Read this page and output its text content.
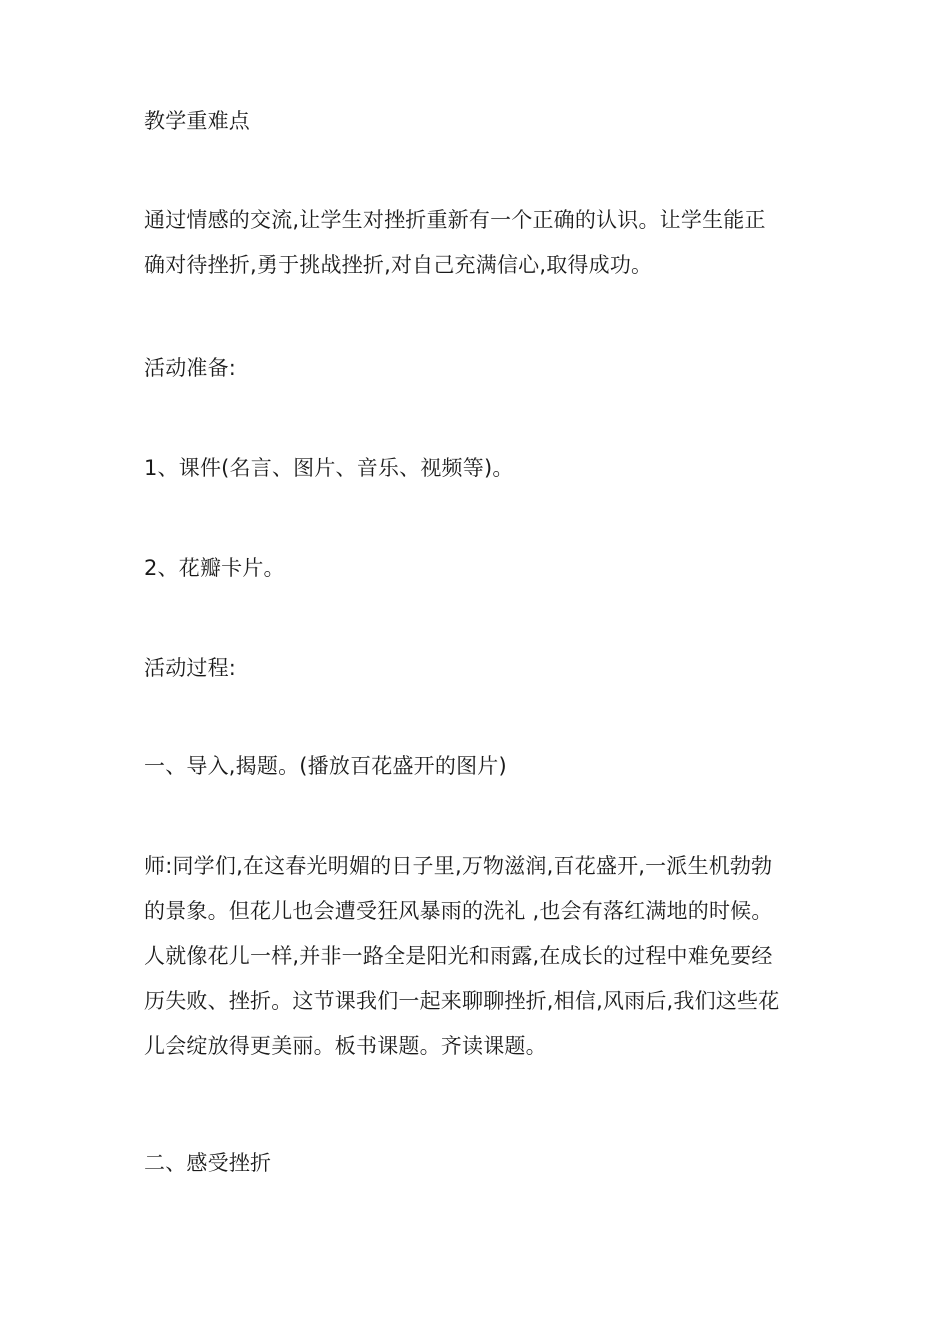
教学重难点

通过情感的交流,让学生对挫折重新有一个正确的认识。让学生能正
确对待挫折,勇于挑战挫折,对自己充满信心,取得成功。

活动准备:

1、课件(名言、图片、音乐、视频等)。

2、花瓣卡片。

活动过程:

一、导入,揭题。(播放百花盛开的图片)

师:同学们,在这春光明媚的日子里,万物滋润,百花盛开,一派生机勃勃
的景象。但花儿也会遭受狂风暴雨的洗礼 ,也会有落红满地的时候。
人就像花儿一样,并非一路全是阳光和雨露,在成长的过程中难免要经
历失败、挫折。这节课我们一起来聊聊挫折,相信,风雨后,我们这些花
儿会绽放得更美丽。板书课题。齐读课题。

二、感受挫折
